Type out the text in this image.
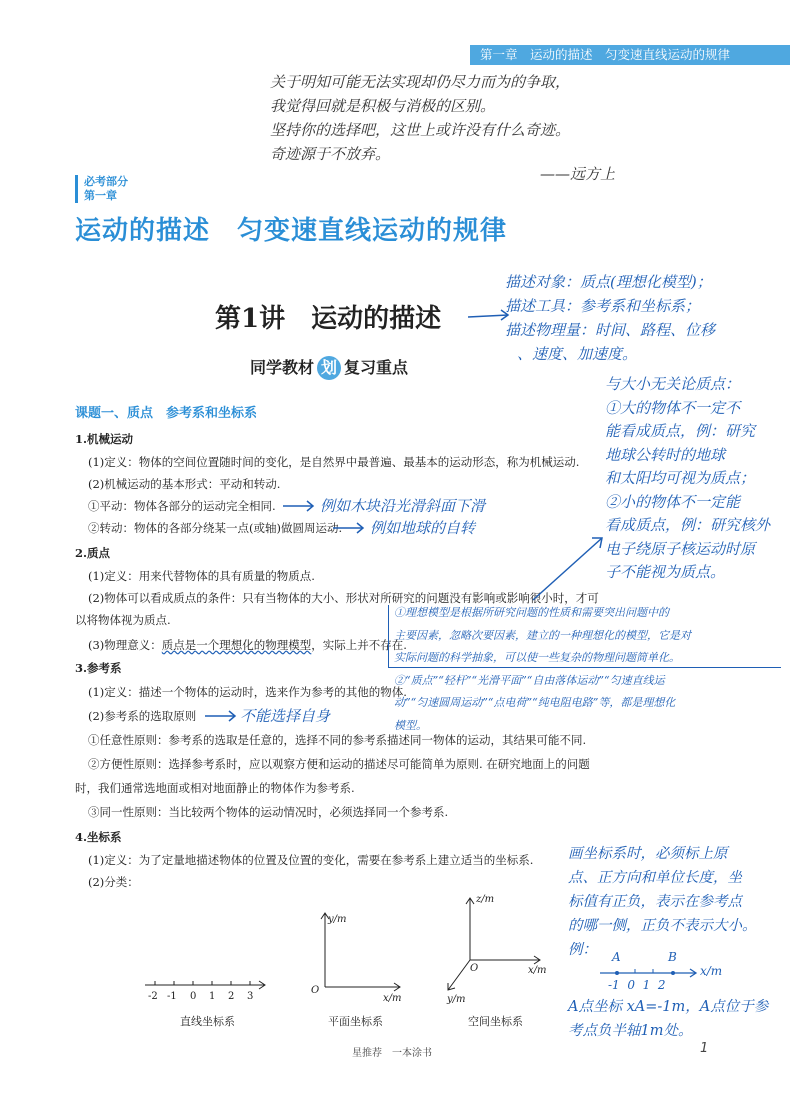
第一章　运动的描述　匀变速直线运动的规律
关于明知可能无法实现却仍尽力而为的争取，
我觉得回就是积极与消极的区别。
坚持你的选择吧，这世上或许没有什么奇迹。
奇迹源于不放弃。
——远方上
必考部分
第一章
运动的描述　匀变速直线运动的规律
第1讲　运动的描述
描述对象：质点(理想化模型)；
描述工具：参考系和坐标系；
描述物理量：时间、路程、位移
、速度、加速度。
同学教材 划 复习重点
与大小无关论质点：
①大的物体不一定不
能看成质点，例：研究
地球公转时的地球
和太阳均可视为质点；
②小的物体不一定能
看成质点，例：研究核外
电子绕原子核运动时原
子不能视为质点。
课题一、质点　参考系和坐标系
1.机械运动
(1)定义：物体的空间位置随时间的变化，是自然界中最普遍、最基本的运动形态，称为机械运动.
(2)机械运动的基本形式：平动和转动.
①平动：物体各部分的运动完全相同.	例如木块沿光滑斜面下滑
②转动：物体的各部分绕某一点(或轴)做圆周运动. 例如地球的自转
2.质点
(1)定义：用来代替物体的具有质量的物质点.
(2)物体可以看成质点的条件：只有当物体的大小、形状对所研究的问题没有影响或影响很小时，才可
以将物体视为质点.
(3)物理意义：质点是一个理想化的物理模型，实际上并不存在.
①理想模型是根据所研究问题的性质和需要突出问题中的
主要因素，忽略次要因素，建立的一种理想化的模型，它是对
实际问题的科学抽象，可以使一些复杂的物理问题简单化。
②“质点”“轻杆”“光滑平面”“自由落体运动”“匀速直线运
动”“匀速圆周运动”“点电荷”“纯电阻电路”等，都是理想化
模型。
3.参考系
(1)定义：描述一个物体的运动时，选来作为参考的其他的物体.
(2)参考系的选取原则	不能选择自身
①任意性原则：参考系的选取是任意的，选择不同的参考系描述同一物体的运动，其结果可能不同.
②方便性原则：选择参考系时，应以观察方便和运动的描述尽可能简单为原则. 在研究地面上的问题
时，我们通常选地面或相对地面静止的物体作为参考系.
③同一性原则：当比较两个物体的运动情况时，必须选择同一个参考系.
4.坐标系
(1)定义：为了定量地描述物体的位置及位置的变化，需要在参考系上建立适当的坐标系.
(2)分类：
画坐标系时，必须标上原
点、正方向和单位长度，坐
标值有正负，表示在参考点
的哪一侧，正负不表示大小。
例：	A	B
x/m
-1  0  1  2
A点坐标 xA=-1m，A点位于参
考点负半轴1m处。
-2 -1 0 1 2 3
直线坐标系
y/m
x/m
O
平面坐标系
z/m
x/m
y/m
O
空间坐标系
星推荐　一本涂书	1
